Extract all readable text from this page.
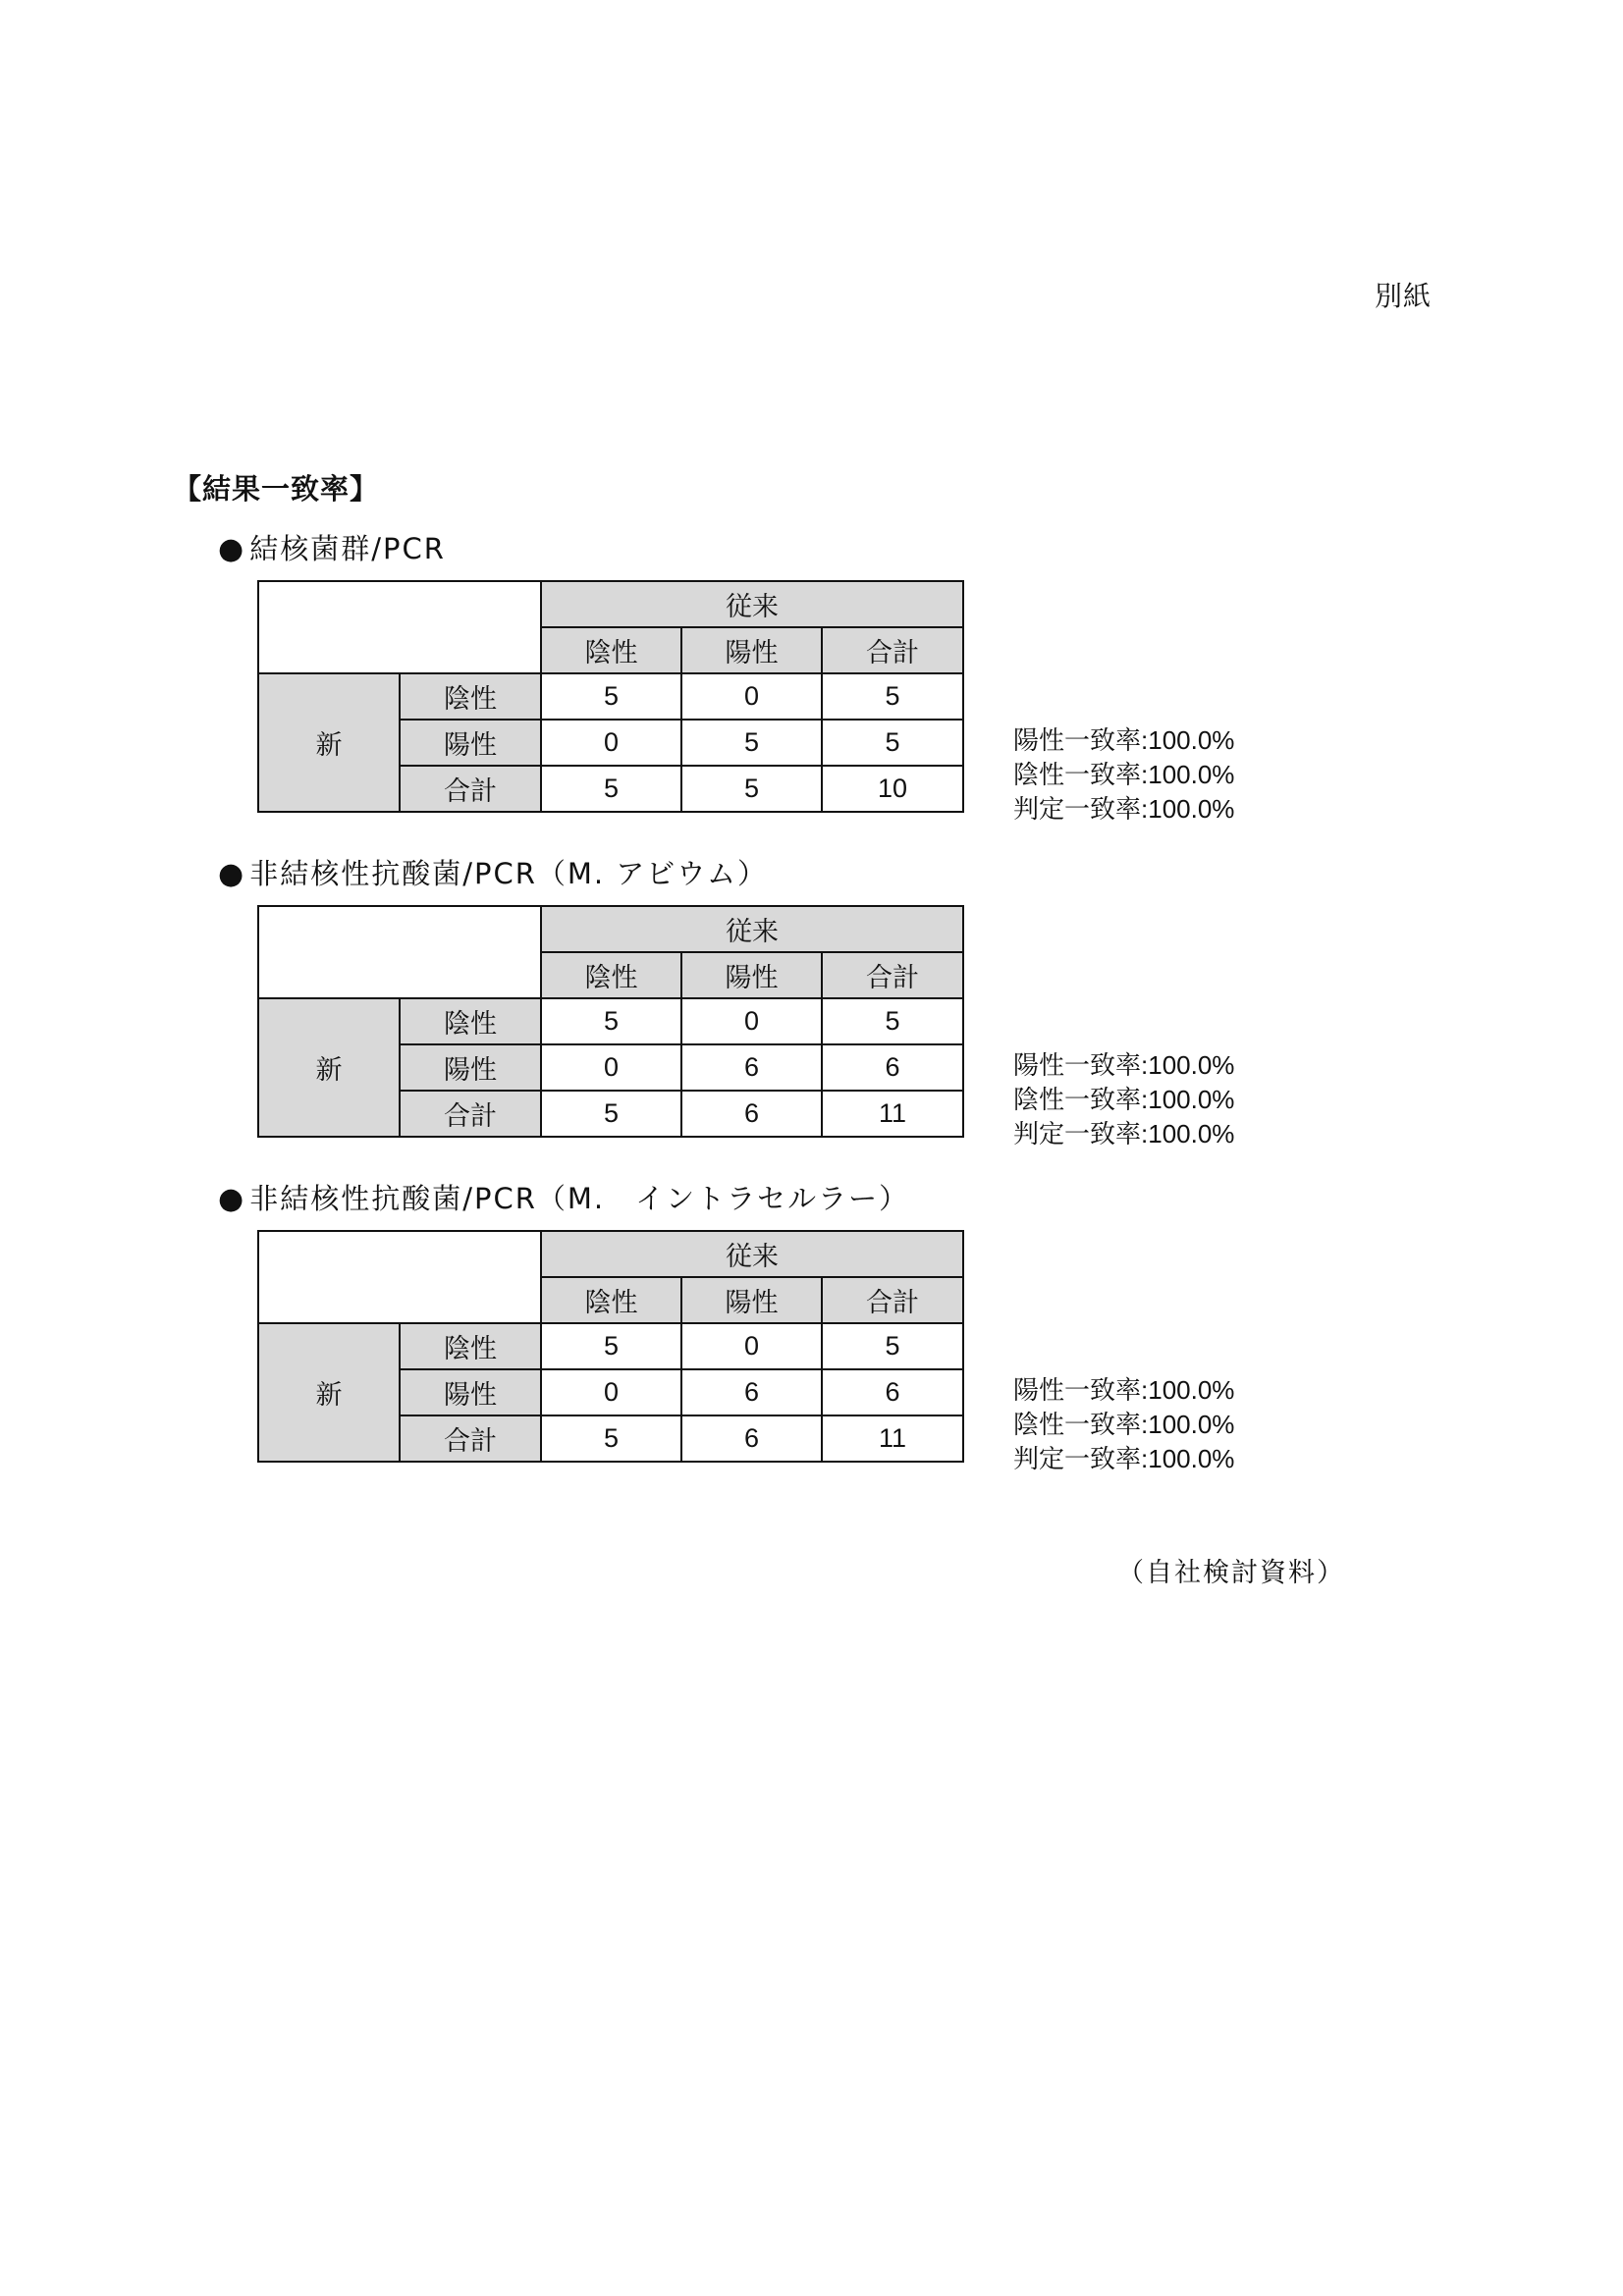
別紙
【結果一致率】
● 結核菌群/PCR
		従来		
		陰性	陽性	合計
新	陰性	5	0	5
	陽性	0	5	5
	合計	5	5	10
陽性一致率:100.0%
陰性一致率:100.0%
判定一致率:100.0%
● 非結核性抗酸菌/PCR（M. アビウム）
		従来		
		陰性	陽性	合計
新	陰性	5	0	5
	陽性	0	6	6
	合計	5	6	11
陽性一致率:100.0%
陰性一致率:100.0%
判定一致率:100.0%
● 非結核性抗酸菌/PCR（M.　イントラセルラー）
		従来		
		陰性	陽性	合計
新	陰性	5	0	5
	陽性	0	6	6
	合計	5	6	11
陽性一致率:100.0%
陰性一致率:100.0%
判定一致率:100.0%
（自社検討資料）
